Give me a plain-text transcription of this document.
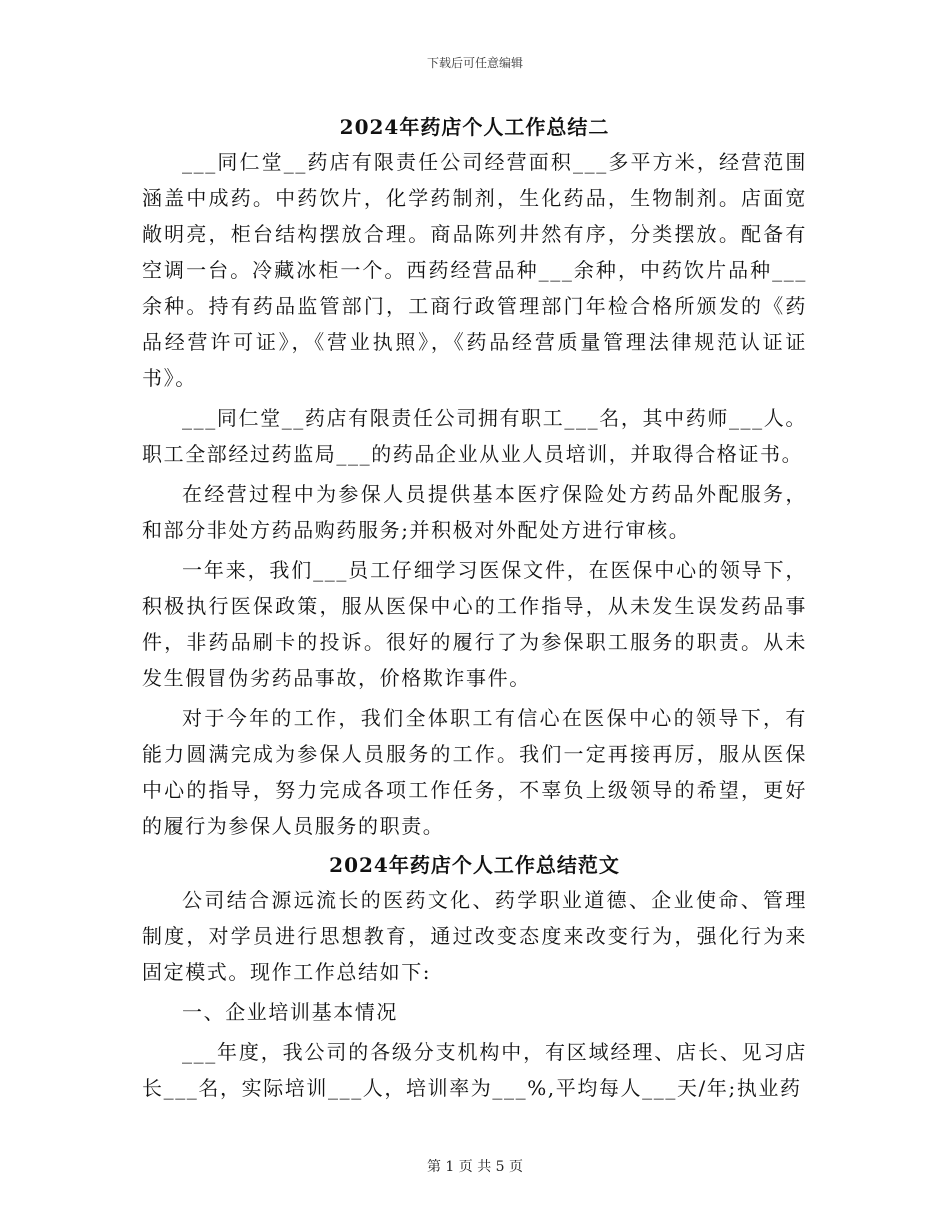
下载后可任意编辑
2024年药店个人工作总结二

___同仁堂__药店有限责任公司经营面积___多平方米，经营范围涵盖中成药。中药饮片，化学药制剂，生化药品，生物制剂。店面宽敞明亮，柜台结构摆放合理。商品陈列井然有序，分类摆放。配备有空调一台。冷藏冰柜一个。西药经营品种___余种，中药饮片品种___余种。持有药品监管部门，工商行政管理部门年检合格所颁发的《药品经营许可证》，《营业执照》，《药品经营质量管理法律规范认证证书》。

___同仁堂__药店有限责任公司拥有职工___名，其中药师___人。职工全部经过药监局___的药品企业从业人员培训，并取得合格证书。

在经营过程中为参保人员提供基本医疗保险处方药品外配服务，和部分非处方药品购药服务;并积极对外配处方进行审核。

一年来，我们___员工仔细学习医保文件，在医保中心的领导下，积极执行医保政策，服从医保中心的工作指导，从未发生误发药品事件，非药品刷卡的投诉。很好的履行了为参保职工服务的职责。从未发生假冒伪劣药品事故，价格欺诈事件。

对于今年的工作，我们全体职工有信心在医保中心的领导下，有能力圆满完成为参保人员服务的工作。我们一定再接再厉，服从医保中心的指导，努力完成各项工作任务，不辜负上级领导的希望，更好的履行为参保人员服务的职责。

2024年药店个人工作总结范文

公司结合源远流长的医药文化、药学职业道德、企业使命、管理制度，对学员进行思想教育，通过改变态度来改变行为，强化行为来固定模式。现作工作总结如下:

一、企业培训基本情况

___年度，我公司的各级分支机构中，有区域经理、店长、见习店长___名，实际培训___人，培训率为___%,平均每人___天/年;执业药

第 1 页 共 5 页
